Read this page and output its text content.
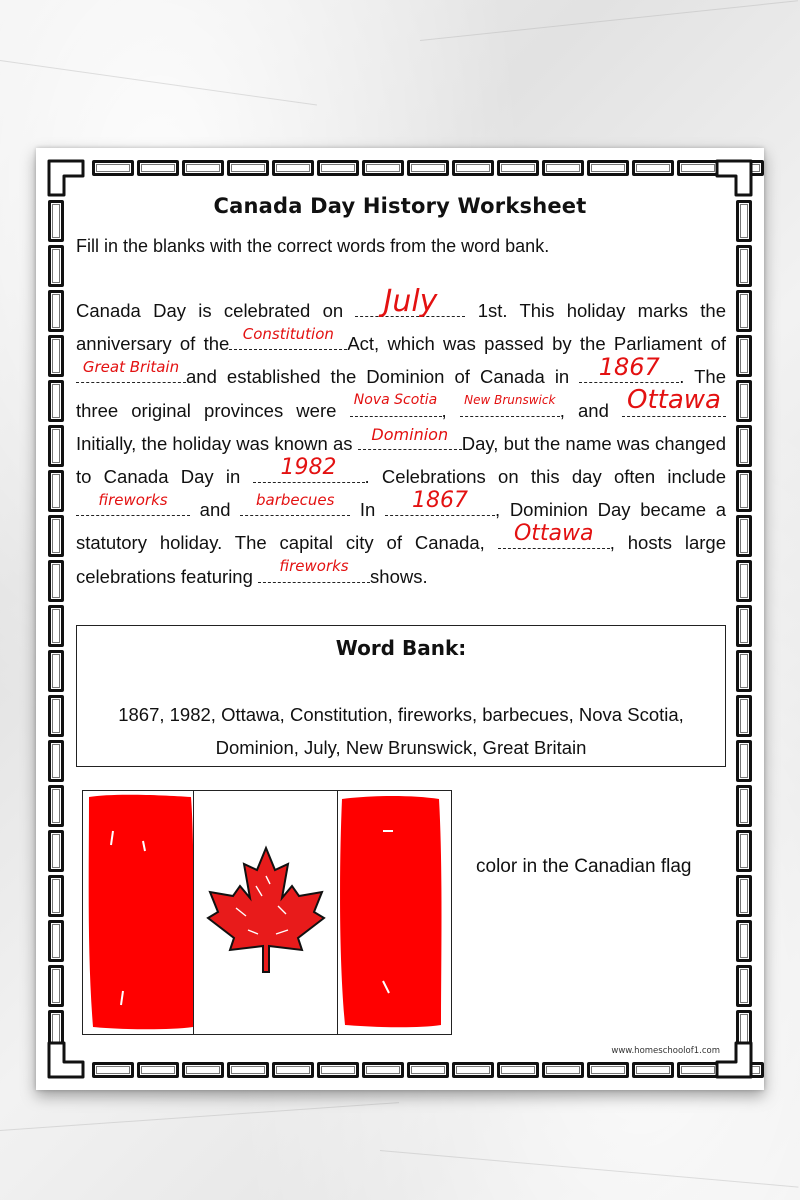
Canada Day History Worksheet
Fill in the blanks with the correct words from the word bank.
Canada Day is celebrated on July	1st. This holiday marks the anniversary of the Constitution Act, which was passed by the Parliament of
Great Britain and established the Dominion of Canada in 1867	. The three original provinces were Nova Scotia , New Brunswick , and Ottawa
Initially, the holiday was known as Dominion Day, but the name was changed to Canada Day in	1982	. Celebrations on this day often include
fireworks	and	barbecues In	1867	, Dominion Day became a statutory holiday. The capital city of Canada, Ottawa , hosts large celebrations featuring	fireworks	shows.
Word Bank:
1867, 1982, Ottawa, Constitution, fireworks, barbecues, Nova Scotia, Dominion, July, New Brunswick, Great Britain
color in the Canadian flag
www.homeschoolof1.com
